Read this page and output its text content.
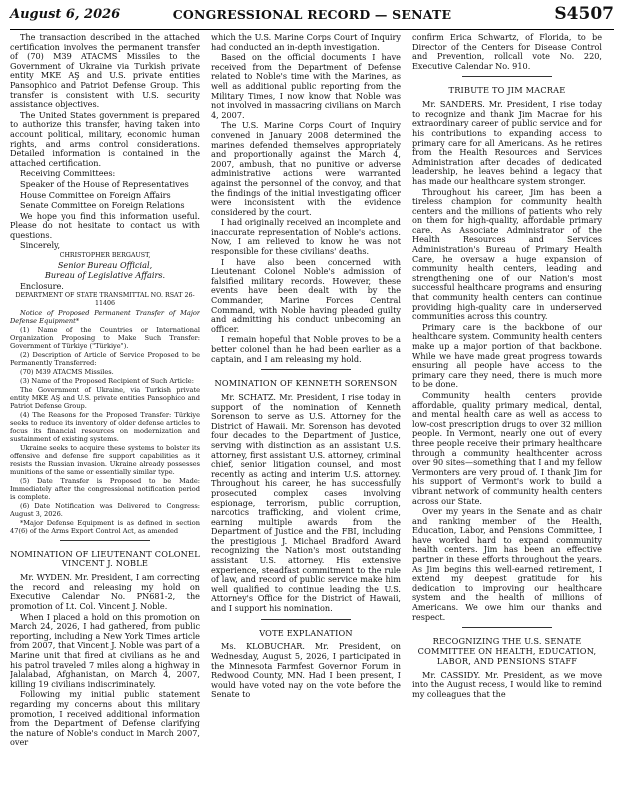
August 6, 2026	CONGRESSIONAL RECORD — SENATE	S4507

The transaction described in the attached certification involves the permanent transfer of (70) M39 ATACMS Missiles to the Government of Ukraine via Turkish private entity MKE AŞ and U.S. private entities Pansophico and Patriot Defense Group. This transfer is consistent with U.S. security assistance objectives.

The United States government is prepared to authorize this transfer, having taken into account political, military, economic human rights, and arms control considerations. Detailed information is contained in the attached certification.

Receiving Committees:

Speaker of the House of Representatives

House Committee on Foreign Affairs

Senate Committee on Foreign Relations

We hope you find this information useful. Please do not hesitate to contact us with questions.

Sincerely,

CHRISTOPHER BERGAUST,

Senior Bureau Official,

Bureau of Legislative Affairs.

Enclosure.

DEPARTMENT OF STATE TRANSMITTAL NO. RSAT 26-11406

Notice of Proposed Permanent Transfer of Major Defense Equipment*

(1) Name of the Countries or International Organization Proposing to Make Such Transfer: Government of Türkiye ("Türkiye").

(2) Description of Article of Service Proposed to be Permanently Transferred:

(70) M39 ATACMS Missiles.

(3) Name of the Proposed Recipient of Such Article:

The Government of Ukraine, via Turkish private entity MKE AŞ and U.S. private entities Pansophico and Patriot Defense Group.

(4) The Reasons for the Proposed Transfer: Türkiye seeks to reduce its inventory of older defense articles to focus its financial resources on modernization and sustainment of existing systems.

Ukraine seeks to acquire these systems to bolster its offensive and defense fire support capabilities as it resists the Russian invasion. Ukraine already possesses munitions of the same or essentially similar type.

(5) Date Transfer is Proposed to be Made: Immediately after the congressional notification period is complete.

(6) Date Notification was Delivered to Congress: August 3, 2026.

*Major Defense Equipment is as defined in section 47(6) of the Arms Export Control Act, as amended

NOMINATION OF LIEUTENANT COLONEL VINCENT J. NOBLE

Mr. WYDEN. Mr. President, I am correcting the record and releasing my hold on Executive Calendar No. PN681-2, the promotion of Lt. Col. Vincent J. Noble.

When I placed a hold on this promotion on March 24, 2026, I had gathered, from public reporting, including a New York Times article from 2007, that Vincent J. Noble was part of a Marine unit that fired at civilians as he and his patrol traveled 7 miles along a highway in Jalalabad, Afghanistan, on March 4, 2007, killing 19 civilians indiscriminately.

Following my initial public statement regarding my concerns about this military promotion, I received additional information from the Department of Defense clarifying the nature of Noble's conduct in March 2007, over

which the U.S. Marine Corps Court of Inquiry had conducted an in-depth investigation.

Based on the official documents I have received from the Department of Defense related to Noble's time with the Marines, as well as additional public reporting from the Military Times, I now know that Noble was not involved in massacring civilians on March 4, 2007.

The U.S. Marine Corps Court of Inquiry convened in January 2008 determined the marines defended themselves appropriately and proportionally against the March 4, 2007, ambush, that no punitive or adverse administrative actions were warranted against the personnel of the convoy, and that the findings of the initial investigating officer were inconsistent with the evidence considered by the court.

I had originally received an incomplete and inaccurate representation of Noble's actions. Now, I am relieved to know he was not responsible for these civilians' deaths.

I have also been concerned with Lieutenant Colonel Noble's admission of falsified military records. However, these events have been dealt with by the Commander, Marine Forces Central Command, with Noble having pleaded guilty and admitting his conduct unbecoming an officer.

I remain hopeful that Noble proves to be a better colonel than he had been earlier as a captain, and I am releasing my hold.

NOMINATION OF KENNETH SORENSON

Mr. SCHATZ. Mr. President, I rise today in support of the nomination of Kenneth Sorenson to serve as U.S. Attorney for the District of Hawaii. Mr. Sorenson has devoted four decades to the Department of Justice, serving with distinction as an assistant U.S. attorney, first assistant U.S. attorney, criminal chief, senior litigation counsel, and most recently as acting and interim U.S. attorney. Throughout his career, he has successfully prosecuted complex cases involving espionage, terrorism, public corruption, narcotics trafficking, and violent crime, earning multiple awards from the Department of Justice and the FBI, including the prestigious J. Michael Bradford Award recognizing the Nation's most outstanding assistant U.S. attorney. His extensive experience, steadfast commitment to the rule of law, and record of public service make him well qualified to continue leading the U.S. Attorney's Office for the District of Hawaii, and I support his nomination.

VOTE EXPLANATION

Ms. KLOBUCHAR. Mr. President, on Wednesday, August 5, 2026, I participated in the Minnesota Farmfest Governor Forum in Redwood County, MN. Had I been present, I would have voted nay on the vote before the Senate to

confirm Erica Schwartz, of Florida, to be Director of the Centers for Disease Control and Prevention, rollcall vote No. 220, Executive Calendar No. 910.

TRIBUTE TO JIM MACRAE

Mr. SANDERS. Mr. President, I rise today to recognize and thank Jim Macrae for his extraordinary career of public service and for his contributions to expanding access to primary care for all Americans. As he retires from the Health Resources and Services Administration after decades of dedicated leadership, he leaves behind a legacy that has made our healthcare system stronger.

Throughout his career, Jim has been a tireless champion for community health centers and the millions of patients who rely on them for high-quality, affordable primary care. As Associate Administrator of the Health Resources and Services Administration's Bureau of Primary Health Care, he oversaw a huge expansion of community health centers, leading and strengthening one of our Nation's most successful healthcare programs and ensuring that community health centers can continue providing high-quality care in underserved communities across this country.

Primary care is the backbone of our healthcare system. Community health centers make up a major portion of that backbone. While we have made great progress towards ensuring all people have access to the primary care they need, there is much more to be done.

Community health centers provide affordable, quality primary medical, dental, and mental health care as well as access to low-cost prescription drugs to over 32 million people. In Vermont, nearly one out of every three people receive their primary healthcare through a community healthcenter across over 90 sites—something that I and my fellow Vermonters are very proud of. I thank Jim for his support of Vermont's work to build a vibrant network of community health centers across our State.

Over my years in the Senate and as chair and ranking member of the Health, Education, Labor, and Pensions Committee, I have worked hard to expand community health centers. Jim has been an effective partner in these efforts throughout the years. As Jim begins this well-earned retirement, I extend my deepest gratitude for his dedication to improving our healthcare system and the health of millions of Americans. We owe him our thanks and respect.

RECOGNIZING THE U.S. SENATE COMMITTEE ON HEALTH, EDUCATION, LABOR, AND PENSIONS STAFF

Mr. CASSIDY. Mr. President, as we move into the August recess, I would like to remind my colleagues that the
